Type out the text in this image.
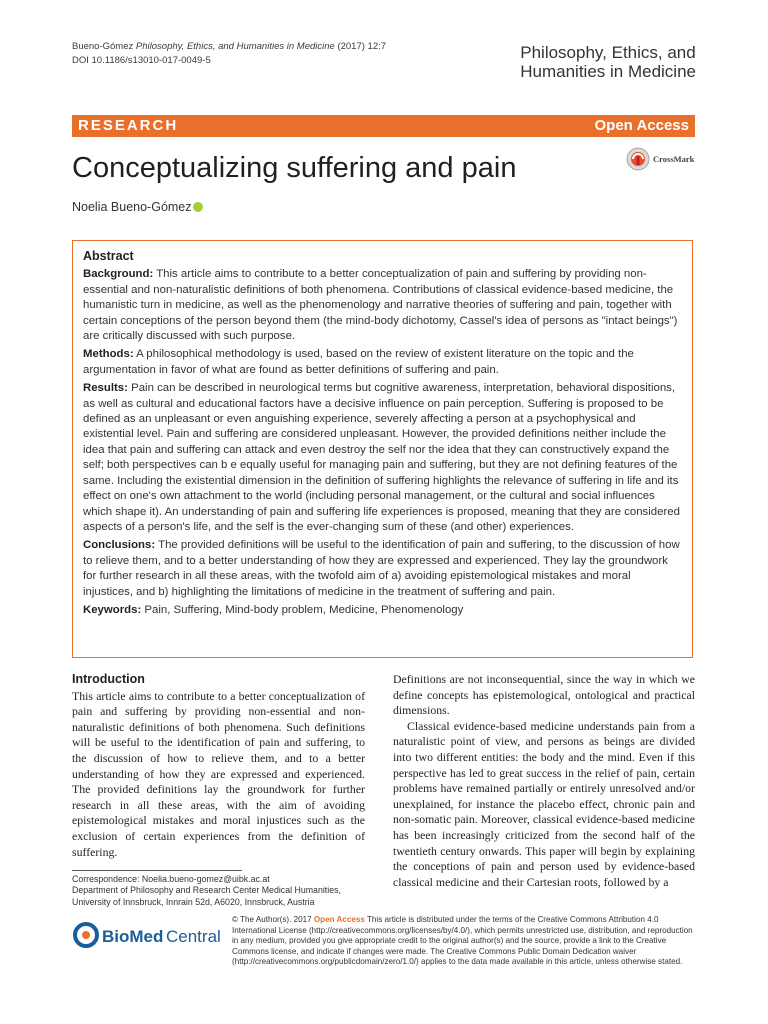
Bueno-Gómez Philosophy, Ethics, and Humanities in Medicine (2017) 12:7
DOI 10.1186/s13010-017-0049-5	Philosophy, Ethics, and
Humanities in Medicine
RESEARCH	Open Access
Conceptualizing suffering and pain	CrossMark
Noelia Bueno-Gómez
Abstract

Background: This article aims to contribute to a better conceptualization of pain and suffering by providing non-essential and non-naturalistic definitions of both phenomena. Contributions of classical evidence-based medicine, the humanistic turn in medicine, as well as the phenomenology and narrative theories of suffering and pain, together with certain conceptions of the person beyond them (the mind-body dichotomy, Cassel's idea of persons as "intact beings") are critically discussed with such purpose.

Methods: A philosophical methodology is used, based on the review of existent literature on the topic and the argumentation in favor of what are found as better definitions of suffering and pain.

Results: Pain can be described in neurological terms but cognitive awareness, interpretation, behavioral dispositions, as well as cultural and educational factors have a decisive influence on pain perception. Suffering is proposed to be defined as an unpleasant or even anguishing experience, severely affecting a person at a psychophysical and existential level. Pain and suffering are considered unpleasant. However, the provided definitions neither include the idea that pain and suffering can attack and even destroy the self nor the idea that they can constructively expand the self; both perspectives can b e equally useful for managing pain and suffering, but they are not defining features of the same. Including the existential dimension in the definition of suffering highlights the relevance of suffering in life and its effect on one's own attachment to the world (including personal management, or the cultural and social influences which shape it). An understanding of pain and suffering life experiences is proposed, meaning that they are considered aspects of a person's life, and the self is the ever-changing sum of these (and other) experiences.

Conclusions: The provided definitions will be useful to the identification of pain and suffering, to the discussion of how to relieve them, and to a better understanding of how they are expressed and experienced. They lay the groundwork for further research in all these areas, with the twofold aim of a) avoiding epistemological mistakes and moral injustices, and b) highlighting the limitations of medicine in the treatment of suffering and pain.

Keywords: Pain, Suffering, Mind-body problem, Medicine, Phenomenology

Introduction

This article aims to contribute to a better conceptualization of pain and suffering by providing non-essential and non-naturalistic definitions of both phenomena. Such definitions will be useful to the identification of pain and suffering, to the discussion of how to relieve them, and to a better understanding of how they are expressed and experienced. The provided definitions lay the groundwork for further research in all these areas, with the aim of avoiding epistemological mistakes and moral injustices such as the exclusion of certain experiences from the definition of suffering.

Definitions are not inconsequential, since the way in which we define concepts has epistemological, ontological and practical dimensions.

Classical evidence-based medicine understands pain from a naturalistic point of view, and persons as beings are divided into two different entities: the body and the mind. Even if this perspective has led to great success in the relief of pain, certain problems have remained partially or entirely unresolved and/or unexplained, for instance the placebo effect, chronic pain and non-somatic pain. Moreover, classical evidence-based medicine has been increasingly criticized from the second half of the twentieth century onwards. This paper will begin by explaining the conceptions of pain and person used by evidence-based classical medicine and their Cartesian roots, followed by a

Correspondence: Noelia.bueno-gomez@uibk.ac.at
Department of Philosophy and Research Center Medical Humanities,
University of Innsbruck, Innrain 52d, A6020, Innsbruck, Austria
BioMed Central
© The Author(s). 2017 Open Access This article is distributed under the terms of the Creative Commons Attribution 4.0 International License (http://creativecommons.org/licenses/by/4.0/), which permits unrestricted use, distribution, and reproduction in any medium, provided you give appropriate credit to the original author(s) and the source, provide a link to the Creative Commons license, and indicate if changes were made. The Creative Commons Public Domain Dedication waiver (http://creativecommons.org/publicdomain/zero/1.0/) applies to the data made available in this article, unless otherwise stated.
